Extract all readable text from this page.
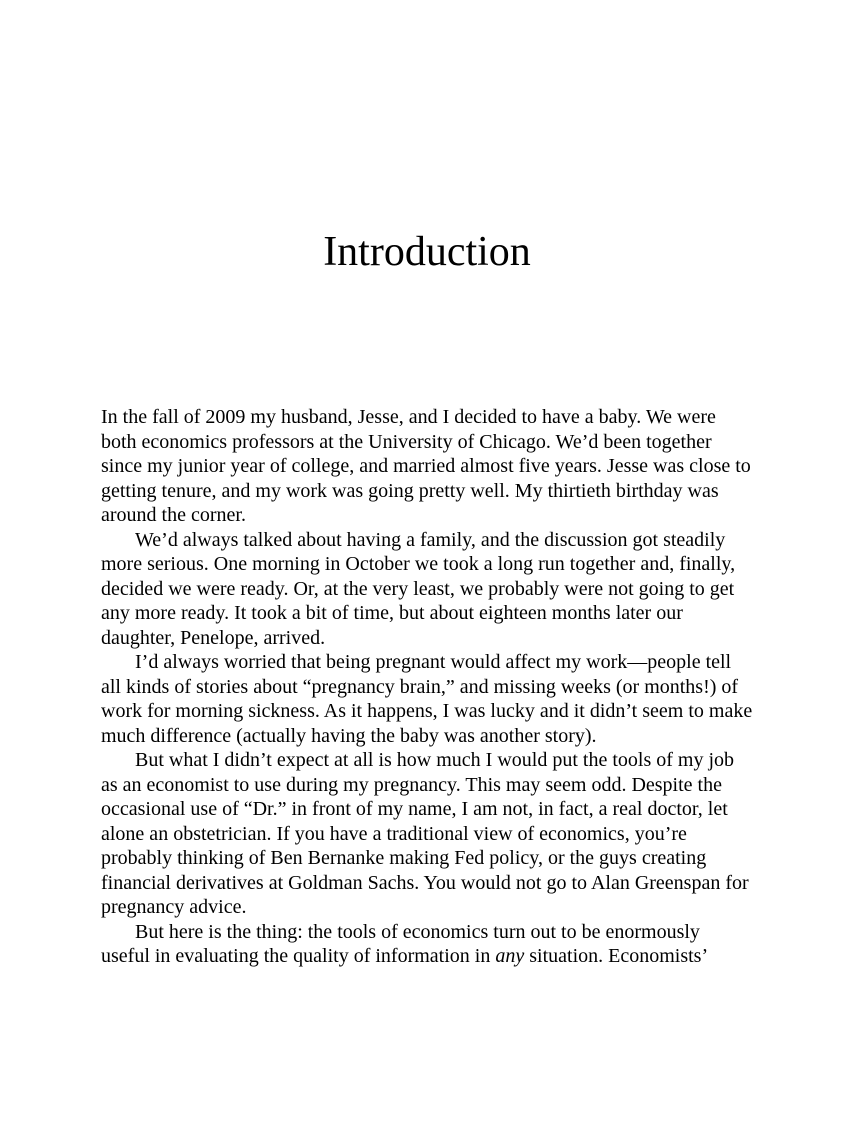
Introduction

In the fall of 2009 my husband, Jesse, and I decided to have a baby. We were both economics professors at the University of Chicago. We’d been together since my junior year of college, and married almost five years. Jesse was close to getting tenure, and my work was going pretty well. My thirtieth birthday was around the corner.

We’d always talked about having a family, and the discussion got steadily more serious. One morning in October we took a long run together and, finally, decided we were ready. Or, at the very least, we probably were not going to get any more ready. It took a bit of time, but about eighteen months later our daughter, Penelope, arrived.

I’d always worried that being pregnant would affect my work—people tell all kinds of stories about “pregnancy brain,” and missing weeks (or months!) of work for morning sickness. As it happens, I was lucky and it didn’t seem to make much difference (actually having the baby was another story).

But what I didn’t expect at all is how much I would put the tools of my job as an economist to use during my pregnancy. This may seem odd. Despite the occasional use of “Dr.” in front of my name, I am not, in fact, a real doctor, let alone an obstetrician. If you have a traditional view of economics, you’re probably thinking of Ben Bernanke making Fed policy, or the guys creating financial derivatives at Goldman Sachs. You would not go to Alan Greenspan for pregnancy advice.

But here is the thing: the tools of economics turn out to be enormously useful in evaluating the quality of information in any situation. Economists’
